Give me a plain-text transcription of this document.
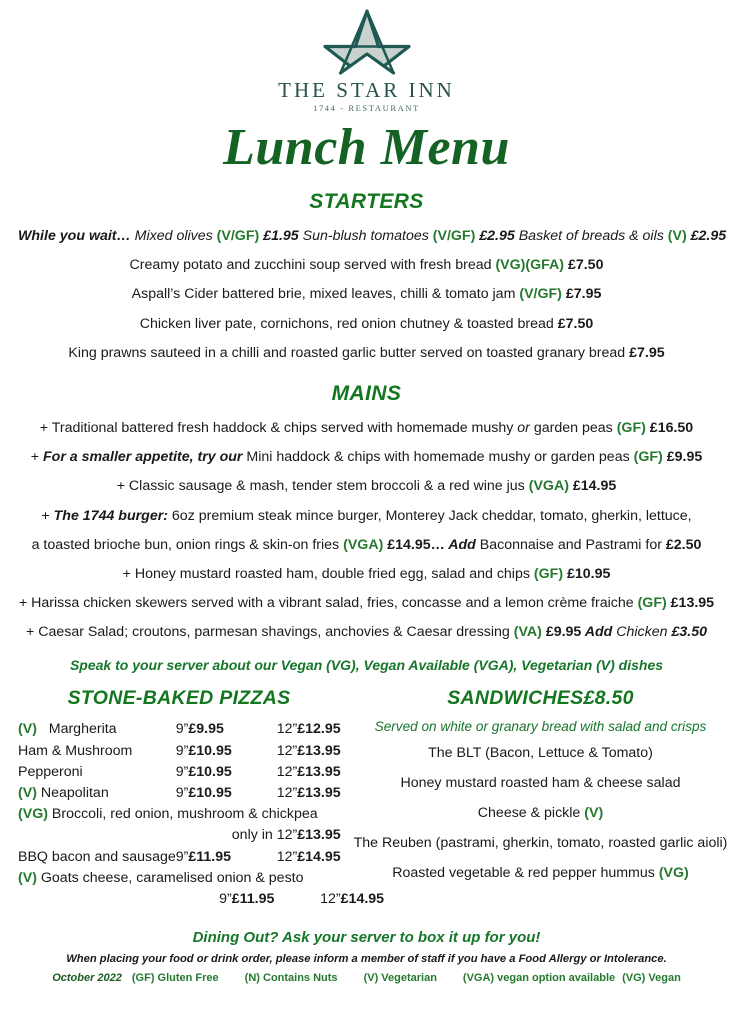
THE STAR INN
1744 - RESTAURANT
Lunch Menu
STARTERS
While you wait… Mixed olives (V/GF) £1.95 Sun-blush tomatoes (V/GF) £2.95 Basket of breads & oils (V) £2.95
Creamy potato and zucchini soup served with fresh bread (VG)(GFA) £7.50
Aspall’s Cider battered brie, mixed leaves, chilli & tomato jam (V/GF) £7.95
Chicken liver pate, cornichons, red onion chutney & toasted bread £7.50
King prawns sauteed in a chilli and roasted garlic butter served on toasted granary bread £7.95
MAINS
+ Traditional battered fresh haddock & chips served with homemade mushy or garden peas (GF) £16.50
+ For a smaller appetite, try our Mini haddock & chips with homemade mushy or garden peas (GF) £9.95
+ Classic sausage & mash, tender stem broccoli & a red wine jus (VGA) £14.95
+ The 1744 burger: 6oz premium steak mince burger, Monterey Jack cheddar, tomato, gherkin, lettuce,
a toasted brioche bun, onion rings & skin-on fries (VGA) £14.95… Add Baconnaise and Pastrami for £2.50
+ Honey mustard roasted ham, double fried egg, salad and chips (GF) £10.95
+ Harissa chicken skewers served with a vibrant salad, fries, concasse and a lemon crème fraiche (GF) £13.95
+ Caesar Salad; croutons, parmesan shavings, anchovies & Caesar dressing (VA) £9.95 Add Chicken £3.50
Speak to your server about our Vegan (VG), Vegan Available (VGA), Vegetarian (V) dishes
STONE-BAKED PIZZAS
(V) Margherita	9”	£9.95	12”	£12.95	
Ham & Mushroom	9”	£10.95	12”	£13.95	
Pepperoni	9”	£10.95	12”	£13.95	
(V) Neapolitan	9”	£10.95	12”	£13.95	
(VG) Broccoli, red onion, mushroom & chickpea					
			only in 12”	£13.95	
BBQ bacon and sausage	9”	£11.95	12”	£14.95	
(V) Goats cheese, caramelised onion & pesto					
		9”	£11.95	12”	£14.95
SANDWICHES£8.50
Served on white or granary bread with salad and crisps
The BLT (Bacon, Lettuce & Tomato)
Honey mustard roasted ham & cheese salad
Cheese & pickle (V)
The Reuben (pastrami, gherkin, tomato, roasted garlic aioli)
Roasted vegetable & red pepper hummus (VG)
Dining Out? Ask your server to box it up for you!
When placing your food or drink order, please inform a member of staff if you have a Food Allergy or Intolerance.
October 2022 (GF) Gluten Free (N) Contains Nuts (V) Vegetarian (VGA) vegan option available (VG) Vegan
